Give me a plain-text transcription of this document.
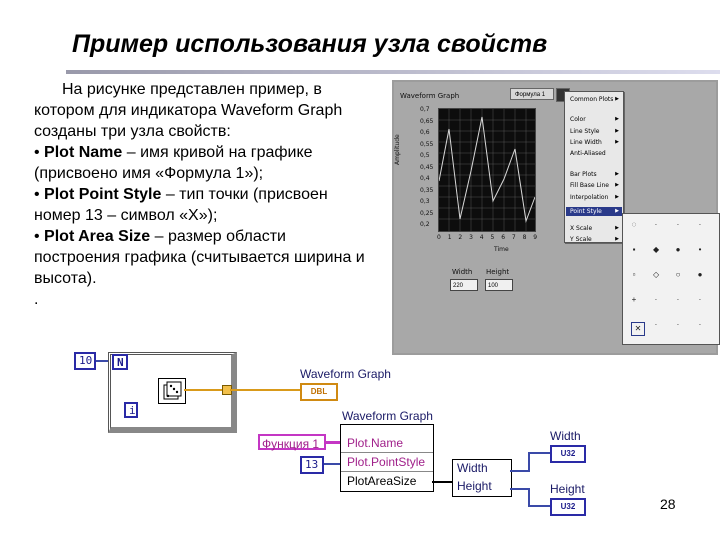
Пример использования узла свойств

На рисунке представлен пример, в котором для индикатора Waveform Graph созданы три узла свойств:

• Plot Name – имя кривой на графике (присвоено имя «Формула 1»);

• Plot Point Style – тип точки (присвоен номер 13 – символ «X»);

• Plot Area Size – размер области построения графика (считывается ширина и высота).

.

Waveform Graph	Формула 1
0,7
0,65
0,6
0,55
0,5
0,45
0,4
0,35
0,3
0,25
0,2
Amplitude
0 1 2 3 4 5 6 7 8 9
Time
Common Plots ▶
Color	▶
Line Style	▶
Line Width	▶
Anti-Aliased
Bar Plots	▶
Fill Base Line	▶
Interpolation	▶
Point Style	▶
X Scale	▶
Y Scale	▶
◌ · · ·
▪ ◆ ● •
▫ ◇ ○ ●
+ · · ·
✕	· · ·
Width Height
220	100
10	N
i
Waveform Graph
DBL
Waveform Graph
Plot.Name
Plot.PointStyle
PlotAreaSize
Функция 1
13	Width
Height
Width
U32
Height
U32	28
